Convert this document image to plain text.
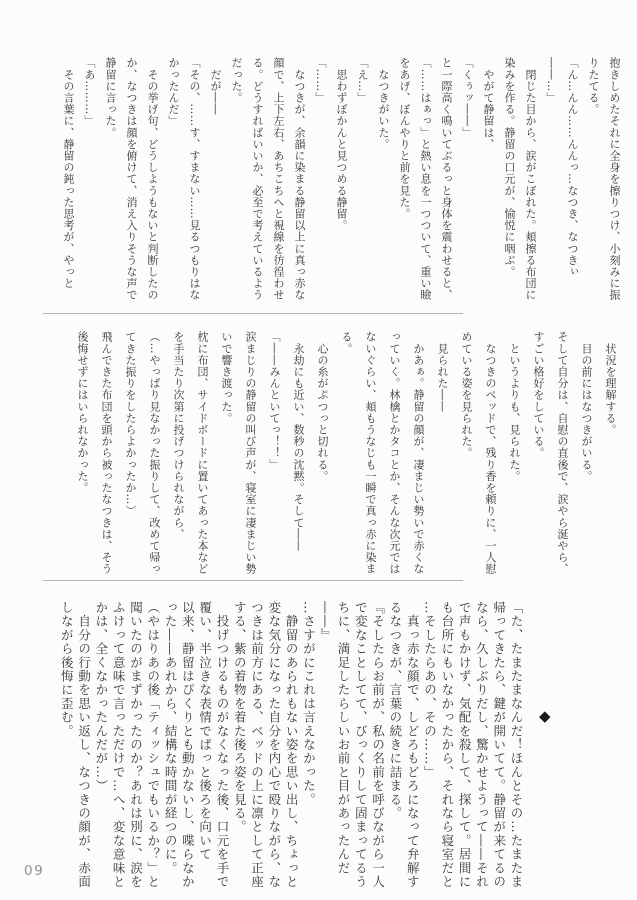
抱きしめたそれに全身を擦りつけ、小刻みに振
りたてる。
「ん…んん……んんっ…なつき、なつきぃ
――…」
　閉じた目から、涙がこぼれた。頬擦る布団に
染みを作る。静留の口元が、愉悦に咽ぶ。
　やがて静留は、
「くぅッ――」
と一際高く鳴いてぶるっと身体を震わせると、
「……はぁっ」と熱い息を一つついて、重い瞼
をあげ、ぼんやりと前を見た。
　なつきがいた。
「え…」
　思わずぽかんと見つめる静留。
「……」
　なつきが、余韻に染まる静留以上に真っ赤な
顔で、上下左右、あちこちへと視線を彷徨わせ
る。どうすればいいか、必至で考えているよう
だった。
　だが――
「その、……す、すまない……見るつもりはな
かったんだ」
　その挙げ句、どうしようもないと判断したの
か、なつきは顔を俯けて、消え入りそうな声で
静留に言った。
「あ………」
　その言葉に、静留の鈍った思考が、やっと
　状況を理解する。
　目の前にはなつきがいる。
そして自分は、自慰の直後で、涙やら涎やら、
すごい格好をしている。
　というよりも、見られた。
　なつきのベッドで、残り香を頼りに、一人慰
めている姿を見られた。
　見られた――
　かあぁ。静留の顔が、凄まじい勢いで赤くな
っていく。林檎とかタコとか、そんな次元では
ないぐらい、頬もうなじも一瞬で真っ赤に染ま
る。
　心の糸がぷつっと切れる。
　永劫にも近い、数秒の沈黙。そして――
「――みんといてっ！！」
涙まじりの静留の叫び声が、寝室に凄まじい勢
いで響き渡った。
枕に布団、サイドボードに置いてあった本など
を手当たり次第に投げつけられながら、
（…やっぱり見なかった振りして、改めて帰っ
てきた振りをしたらよかったか…）
飛んできた布団を頭から被ったなつきは、そう
後悔せずにはいられなかった。
「た、たまたまなんだ！ほんとその…たまたま
帰ってきたら、鍵が開いてて。静留が来てるの
なら、久しぶりだし、驚かせようって――それ
で声もかけず、気配を殺して、探して。居間に
も台所にもいなかったから、それなら寝室だと
…そしたらあの、その……」
　真っ赤な顔で、しどろもどろになって弁解す
るなつきが、言葉の続きに詰まる。
『そしたらお前が、私の名前を呼びながら一人
で変なことしてて、びっくりして固まってるう
ちに、満足したらしいお前と目があったんだ
――』
…さすがにこれは言えなかった。
　静留のあられもない姿を思い出し、ちょっと
変な気分になった自分を内心で殴りながら、な
つきは前方にある、ベッドの上に凛として正座
する、紫の着物を着た後ろ姿を見る。
　投げつけるものがなくなった後、口元を手で
覆い、半泣きな表情でぱっと後ろを向いて
以来、静留はぴくりとも動かないし、喋らなか
った――あれから、結構な時間が経つのに。
（やはりあの後「ティッシュでもいるか？」と
聞いたのがまずかったのか？あれは別に、涙を
ふけって意味で言っただけで…へ、変な意味と
かは、全くなかったんだが…）
　自分の行動を思い返し、なつきの顔が、赤面
しながら後悔に歪む。	◆
09
